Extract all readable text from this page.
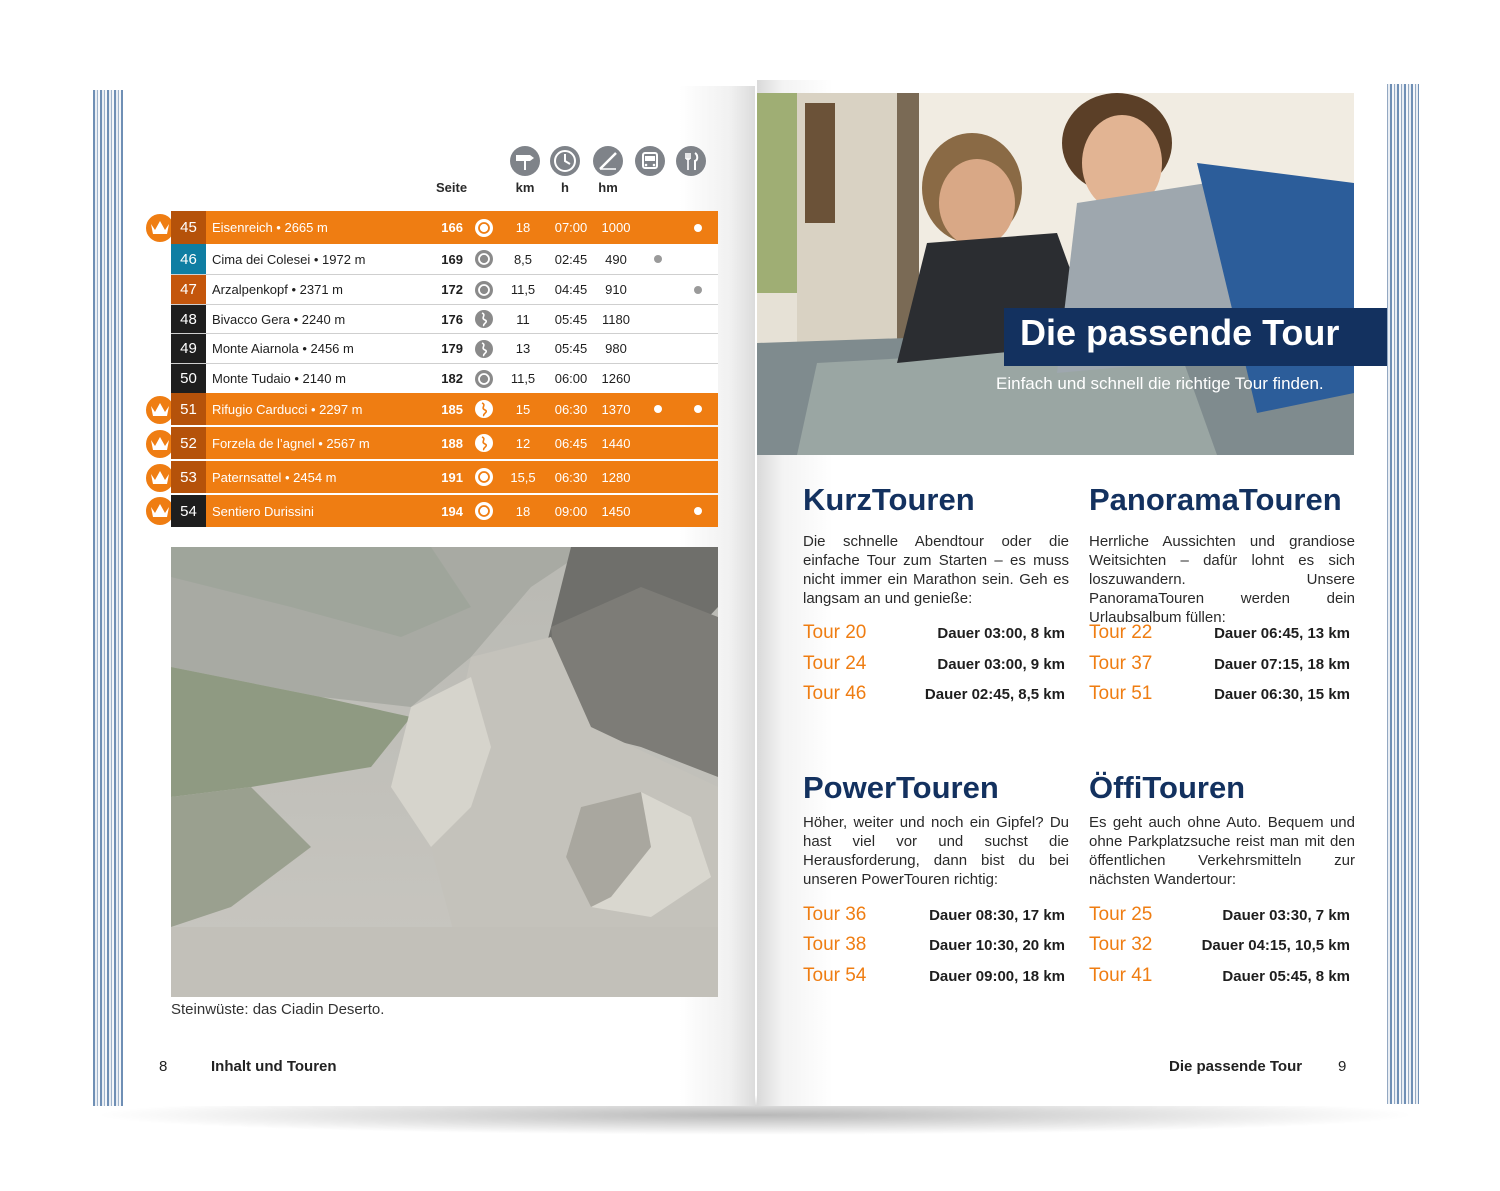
Seite	km	h	hm
45	Eisenreich • 2665 m	166	18	07:00	1000
46	Cima dei Colesei • 1972 m	169	8,5	02:45	490
47	Arzalpenkopf • 2371 m	172	11,5	04:45	910
48	Bivacco Gera • 2240 m	176	11	05:45	1180
49	Monte Aiarnola • 2456 m	179	13	05:45	980
50	Monte Tudaio • 2140 m	182	11,5	06:00	1260
51	Rifugio Carducci • 2297 m	185	15	06:30	1370
52	Forzela de l’agnel • 2567 m	188	12	06:45	1440
53	Paternsattel • 2454 m	191	15,5	06:30	1280
54	Sentiero Durissini	194	18	09:00	1450
Steinwüste: das Ciadin Deserto.
8	Inhalt und Touren
Die passende Tour
Einfach und schnell die richtige Tour finden.
KurzTouren
Die schnelle Abendtour oder die einfache Tour zum Starten – es muss nicht immer ein Marathon sein. Geh es langsam an und genieße:
Tour 20	Dauer 03:00, 8 km
Tour 24	Dauer 03:00, 9 km
Tour 46	Dauer 02:45, 8,5 km
PanoramaTouren
Herrliche Aussichten und grandiose Weitsichten – dafür lohnt es sich loszuwandern. Unsere PanoramaTouren werden dein Urlaubsalbum füllen:
Tour 22	Dauer 06:45, 13 km
Tour 37	Dauer 07:15, 18 km
Tour 51	Dauer 06:30, 15 km
PowerTouren
Höher, weiter und noch ein Gipfel? Du hast viel vor und suchst die Herausforderung, dann bist du bei unseren PowerTouren richtig:
Tour 36	Dauer 08:30, 17 km
Tour 38	Dauer 10:30, 20 km
Tour 54	Dauer 09:00, 18 km
ÖffiTouren
Es geht auch ohne Auto. Bequem und ohne Parkplatzsuche reist man mit den öffentlichen Verkehrsmitteln zur nächsten Wandertour:
Tour 25	Dauer 03:30, 7 km
Tour 32	Dauer 04:15, 10,5 km
Tour 41	Dauer 05:45, 8 km
Die passende Tour 9
